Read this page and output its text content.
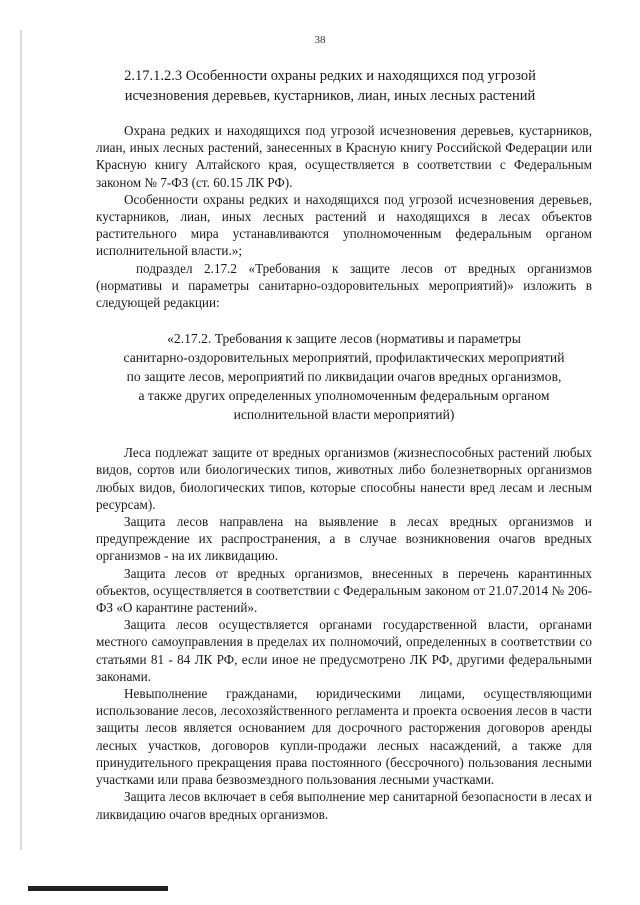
38
2.17.1.2.3 Особенности охраны редких и находящихся под угрозой
исчезновения деревьев, кустарников, лиан, иных лесных растений

Охрана редких и находящихся под угрозой исчезновения деревьев, кустарников, лиан, иных лесных растений, занесенных в Красную книгу Российской Федерации или Красную книгу Алтайского края, осуществляется в соответствии с Федеральным законом № 7-ФЗ (ст. 60.15 ЛК РФ).

Особенности охраны редких и находящихся под угрозой исчезновения деревьев, кустарников, лиан, иных лесных растений и находящихся в лесах объектов растительного мира устанавливаются уполномоченным федеральным органом исполнительной власти.»;

подраздел 2.17.2 «Требования к защите лесов от вредных организмов (нормативы и параметры санитарно-оздоровительных мероприятий)» изложить в следующей редакции:

«2.17.2. Требования к защите лесов (нормативы и параметры
санитарно-оздоровительных мероприятий, профилактических мероприятий
по защите лесов, мероприятий по ликвидации очагов вредных организмов,
а также других определенных уполномоченным федеральным органом
исполнительной власти мероприятий)

Леса подлежат защите от вредных организмов (жизнеспособных растений любых видов, сортов или биологических типов, животных либо болезнетворных организмов любых видов, биологических типов, которые способны нанести вред лесам и лесным ресурсам).

Защита лесов направлена на выявление в лесах вредных организмов и предупреждение их распространения, а в случае возникновения очагов вредных организмов - на их ликвидацию.

Защита лесов от вредных организмов, внесенных в перечень карантинных объектов, осуществляется в соответствии с Федеральным законом от 21.07.2014 № 206-ФЗ «О карантине растений».

Защита лесов осуществляется органами государственной власти, органами местного самоуправления в пределах их полномочий, определенных в соответствии со статьями 81 - 84 ЛК РФ, если иное не предусмотрено ЛК РФ, другими федеральными законами.

Невыполнение гражданами, юридическими лицами, осуществляющими использование лесов, лесохозяйственного регламента и проекта освоения лесов в части защиты лесов является основанием для досрочного расторжения договоров аренды лесных участков, договоров купли-продажи лесных насаждений, а также для принудительного прекращения права постоянного (бессрочного) пользования лесными участками или права безвозмездного пользования лесными участками.

Защита лесов включает в себя выполнение мер санитарной безопасности в лесах и ликвидацию очагов вредных организмов.
